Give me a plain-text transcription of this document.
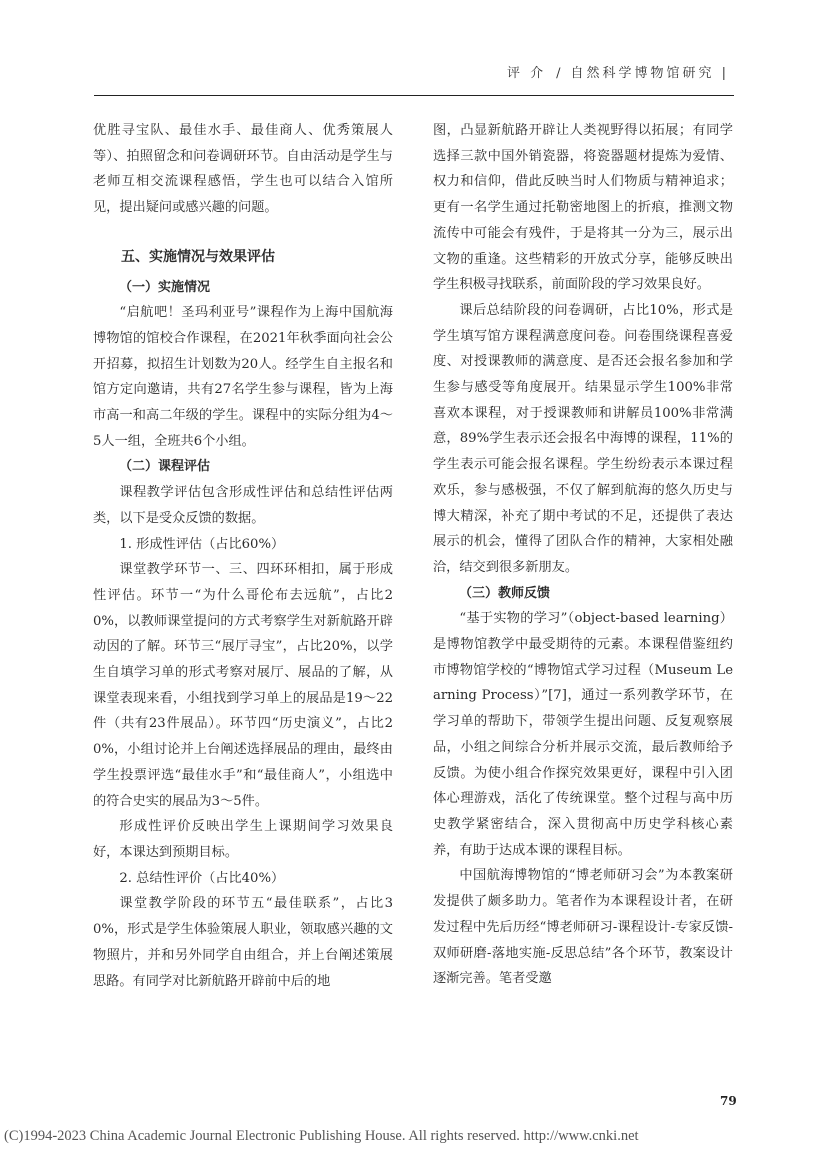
评 介 / 自然科学博物馆研究 |
优胜寻宝队、最佳水手、最佳商人、优秀策展人等）、拍照留念和问卷调研环节。自由活动是学生与老师互相交流课程感悟，学生也可以结合入馆所见，提出疑问或感兴趣的问题。
五、实施情况与效果评估
（一）实施情况
“启航吧！圣玛利亚号”课程作为上海中国航海博物馆的馆校合作课程，在2021年秋季面向社会公开招募，拟招生计划数为20人。经学生自主报名和馆方定向邀请，共有27名学生参与课程，皆为上海市高一和高二年级的学生。课程中的实际分组为4～5人一组，全班共6个小组。
（二）课程评估
课程教学评估包含形成性评估和总结性评估两类，以下是受众反馈的数据。
1. 形成性评估（占比60%）
课堂教学环节一、三、四环环相扣，属于形成性评估。环节一“为什么哥伦布去远航”，占比20%，以教师课堂提问的方式考察学生对新航路开辟动因的了解。环节三“展厅寻宝”，占比20%，以学生自填学习单的形式考察对展厅、展品的了解，从课堂表现来看，小组找到学习单上的展品是19～22件（共有23件展品）。环节四“历史演义”，占比20%，小组讨论并上台阐述选择展品的理由，最终由学生投票评选“最佳水手”和“最佳商人”，小组选中的符合史实的展品为3～5件。
形成性评价反映出学生上课期间学习效果良好，本课达到预期目标。
2. 总结性评价（占比40%）
课堂教学阶段的环节五“最佳联系”，占比30%，形式是学生体验策展人职业，领取感兴趣的文物照片，并和另外同学自由组合，并上台阐述策展思路。有同学对比新航路开辟前中后的地
图，凸显新航路开辟让人类视野得以拓展；有同学选择三款中国外销瓷器，将瓷器题材提炼为爱情、权力和信仰，借此反映当时人们物质与精神追求；更有一名学生通过托勒密地图上的折痕，推测文物流传中可能会有残件，于是将其一分为三，展示出文物的重逢。这些精彩的开放式分享，能够反映出学生积极寻找联系，前面阶段的学习效果良好。
课后总结阶段的问卷调研，占比10%，形式是学生填写馆方课程满意度问卷。问卷围绕课程喜爱度、对授课教师的满意度、是否还会报名参加和学生参与感受等角度展开。结果显示学生100%非常喜欢本课程，对于授课教师和讲解员100%非常满意，89%学生表示还会报名中海博的课程，11%的学生表示可能会报名课程。学生纷纷表示本课过程欢乐，参与感极强，不仅了解到航海的悠久历史与博大精深，补充了期中考试的不足，还提供了表达展示的机会，懂得了团队合作的精神，大家相处融洽，结交到很多新朋友。
（三）教师反馈
“基于实物的学习”（object-based learning）是博物馆教学中最受期待的元素。本课程借鉴纽约市博物馆学校的“博物馆式学习过程（Museum Learning Process）”[7]，通过一系列教学环节，在学习单的帮助下，带领学生提出问题、反复观察展品，小组之间综合分析并展示交流，最后教师给予反馈。为使小组合作探究效果更好，课程中引入团体心理游戏，活化了传统课堂。整个过程与高中历史教学紧密结合，深入贯彻高中历史学科核心素养，有助于达成本课的课程目标。
中国航海博物馆的“博老师研习会”为本教案研发提供了颇多助力。笔者作为本课程设计者，在研发过程中先后历经“博老师研习-课程设计-专家反馈-双师研磨-落地实施-反思总结”各个环节，教案设计逐渐完善。笔者受邀
79
(C)1994-2023 China Academic Journal Electronic Publishing House. All rights reserved. http://www.cnki.net
